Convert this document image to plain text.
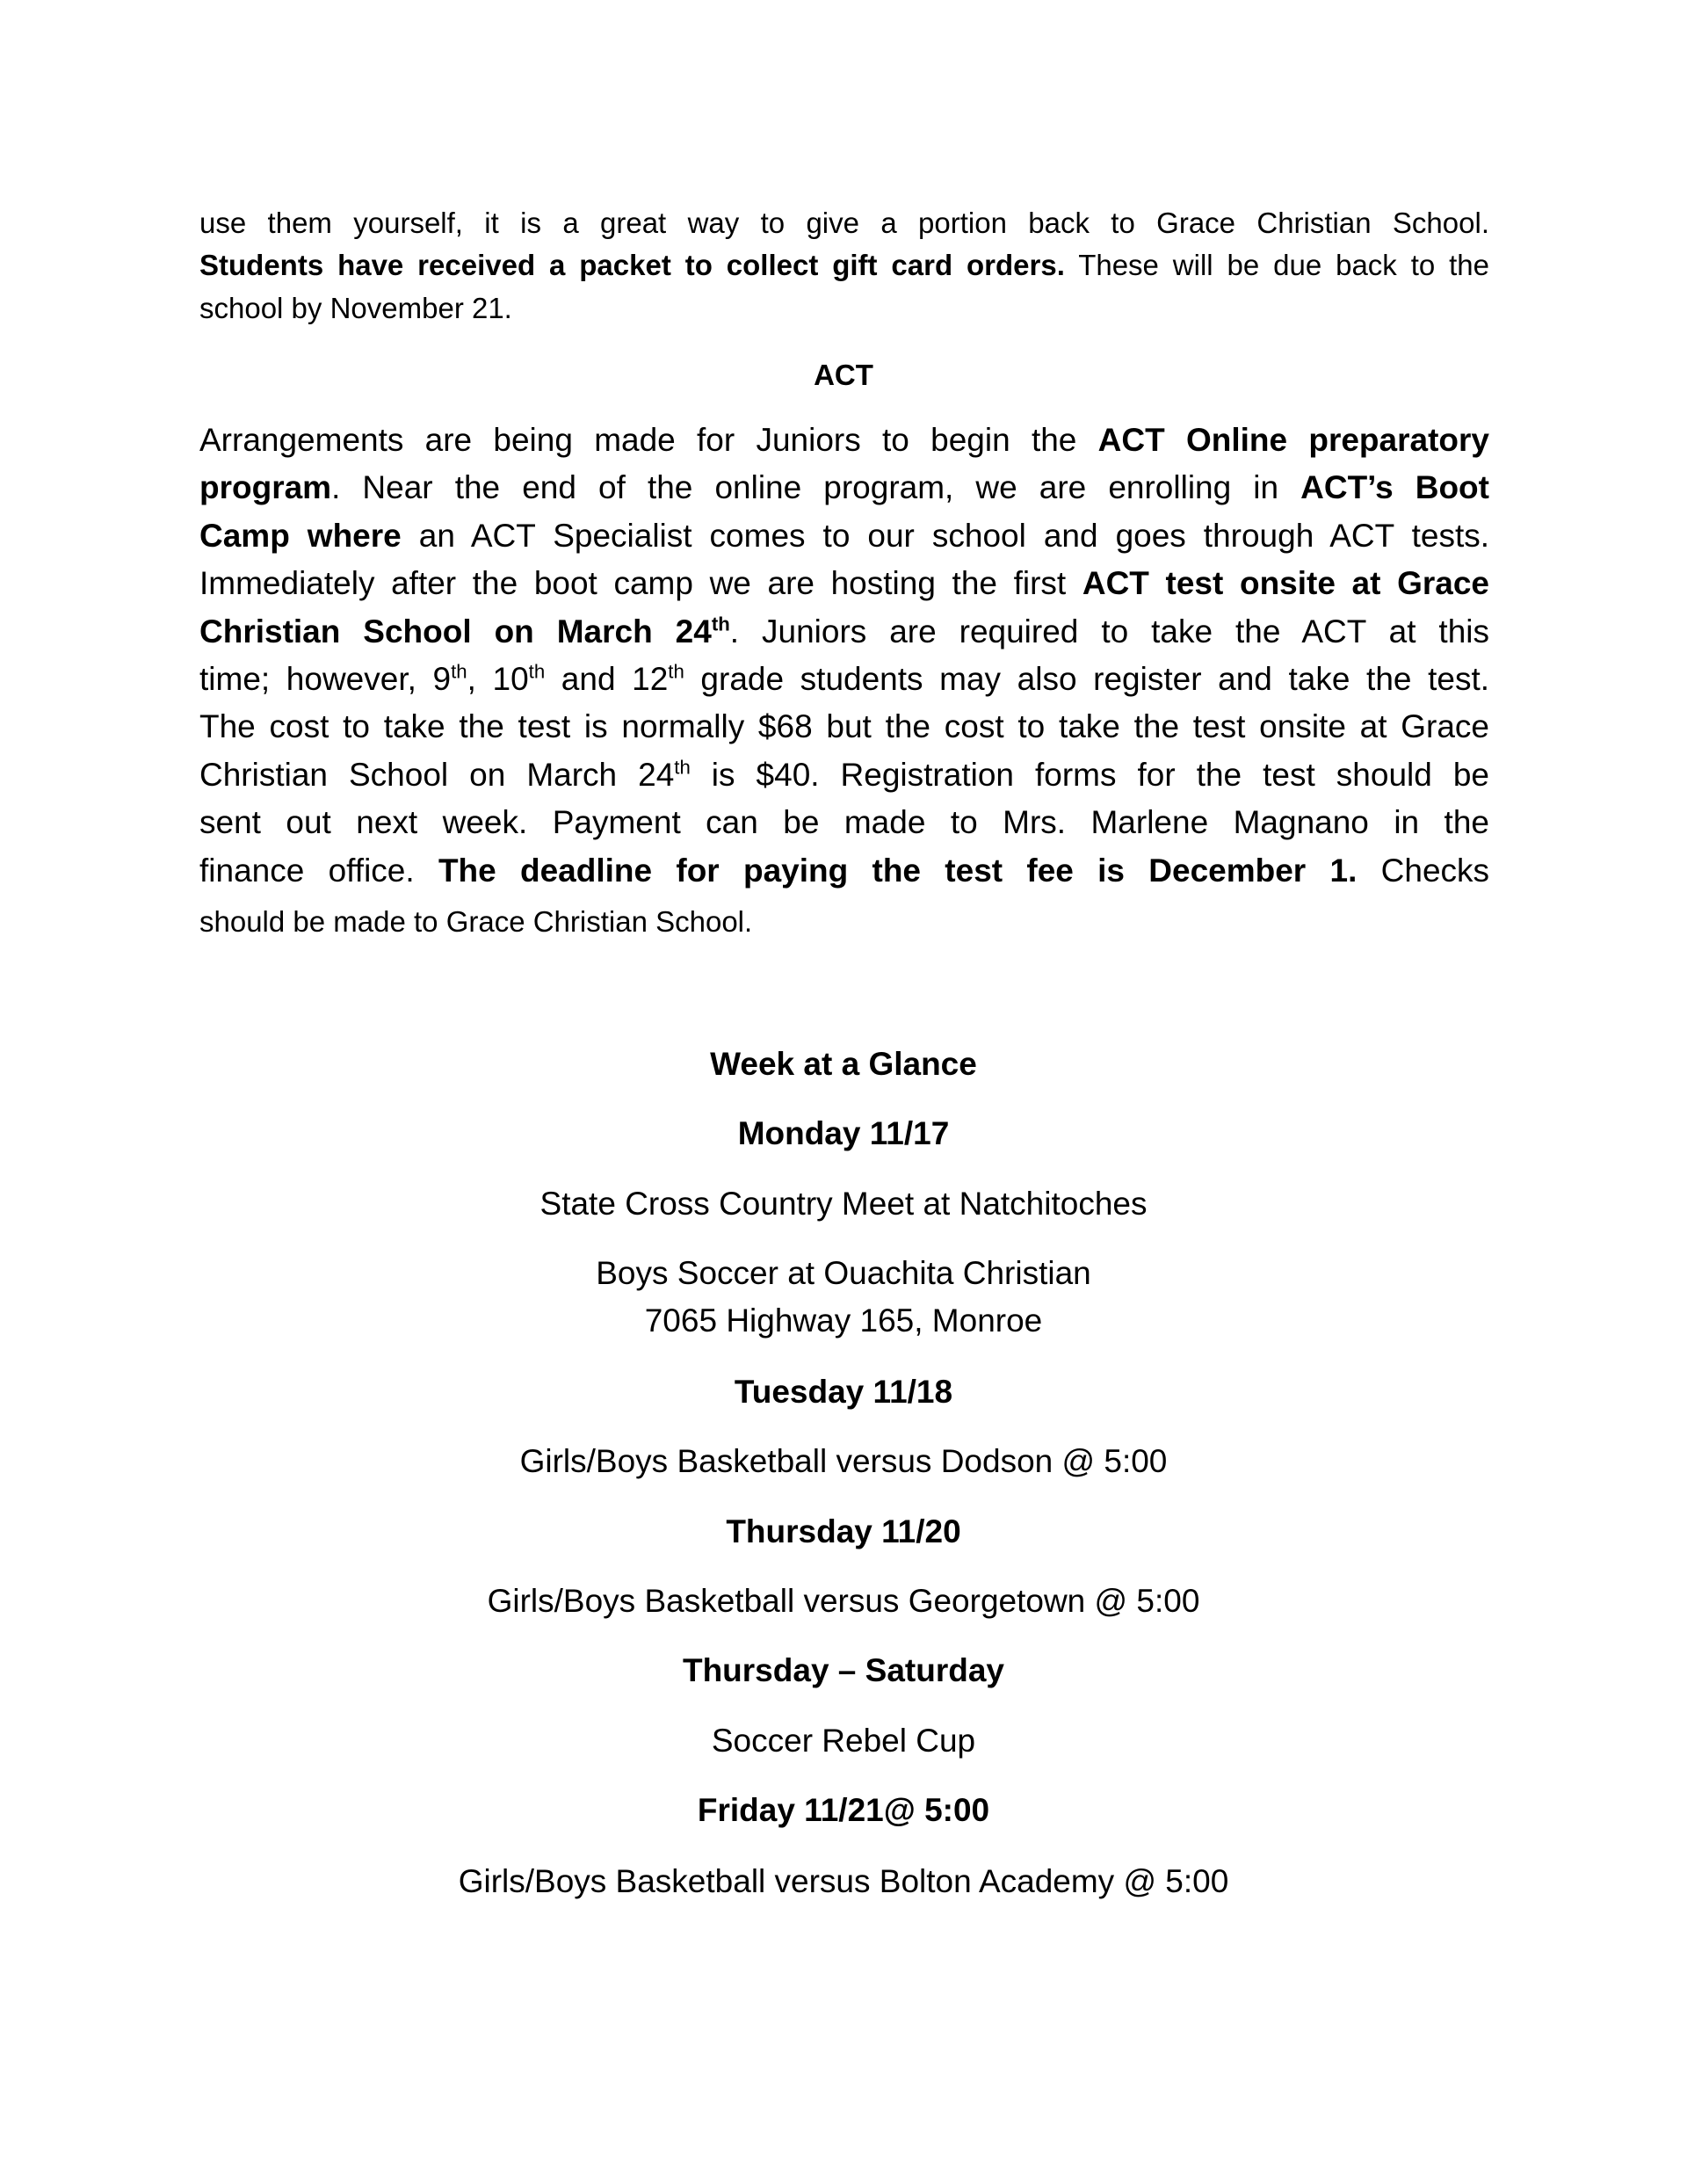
use them yourself, it is a great way to give a portion back to Grace Christian School.
Students have received a packet to collect gift card orders. These will be due back to the
school by November 21.
ACT
Arrangements are being made for Juniors to begin the ACT Online preparatory
program. Near the end of the online program, we are enrolling in ACT’s Boot
Camp where an ACT Specialist comes to our school and goes through ACT tests.
Immediately after the boot camp we are hosting the first ACT test onsite at Grace
Christian School on March 24th. Juniors are required to take the ACT at this
time; however, 9th, 10th and 12th grade students may also register and take the test.
The cost to take the test is normally $68 but the cost to take the test onsite at Grace
Christian School on March 24th is $40. Registration forms for the test should be
sent out next week. Payment can be made to Mrs. Marlene Magnano in the
finance office. The deadline for paying the test fee is December 1. Checks
should be made to Grace Christian School.
Week at a Glance
Monday 11/17
State Cross Country Meet at Natchitoches
Boys Soccer at Ouachita Christian
7065 Highway 165, Monroe
Tuesday 11/18
Girls/Boys Basketball versus Dodson @ 5:00
Thursday 11/20
Girls/Boys Basketball versus Georgetown @ 5:00
Thursday – Saturday
Soccer Rebel Cup
Friday 11/21@ 5:00
Girls/Boys Basketball versus Bolton Academy @ 5:00
